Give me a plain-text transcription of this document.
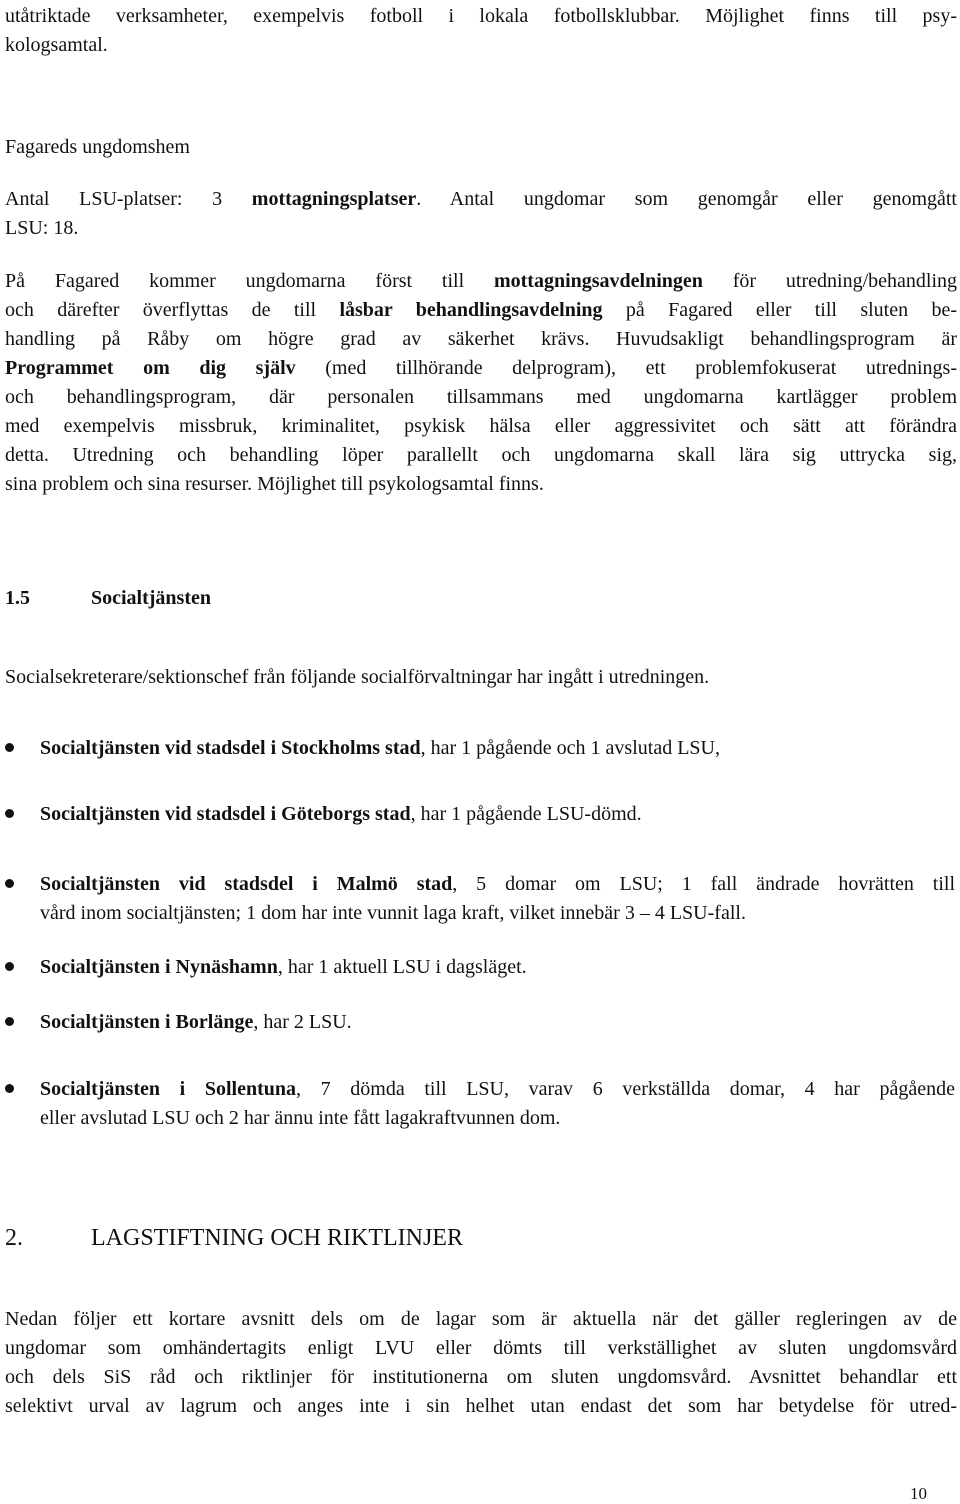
utåtriktade verksamheter, exempelvis fotboll i lokala fotbollsklubbar. Möjlighet finns till psy-
kologsamtal.
Fagareds ungdomshem
Antal LSU-platser: 3 mottagningsplatser. Antal ungdomar som genomgår eller genomgått
LSU: 18.
På Fagared kommer ungdomarna först till mottagningsavdelningen för utredning/behandling
och därefter överflyttas de till låsbar behandlingsavdelning på Fagared eller till sluten be-
handling på Råby om högre grad av säkerhet krävs. Huvudsakligt behandlingsprogram är
Programmet om dig själv (med tillhörande delprogram), ett problemfokuserat utrednings-
och behandlingsprogram, där personalen tillsammans med ungdomarna kartlägger problem
med exempelvis missbruk, kriminalitet, psykisk hälsa eller aggressivitet och sätt att förändra
detta. Utredning och behandling löper parallellt och ungdomarna skall lära sig uttrycka sig,
sina problem och sina resurser. Möjlighet till psykologsamtal finns.
1.5	Socialtjänsten
Socialsekreterare/sektionschef från följande socialförvaltningar har ingått i utredningen.
Socialtjänsten vid stadsdel i Stockholms stad, har 1 pågående och 1 avslutad LSU,
Socialtjänsten vid stadsdel i Göteborgs stad, har 1 pågående LSU-dömd.
Socialtjänsten vid stadsdel i Malmö stad, 5 domar om LSU; 1 fall ändrade hovrätten till
vård inom socialtjänsten; 1 dom har inte vunnit laga kraft, vilket innebär 3 – 4 LSU-fall.
Socialtjänsten i Nynäshamn, har 1 aktuell LSU i dagsläget.
Socialtjänsten i Borlänge, har 2 LSU.
Socialtjänsten i Sollentuna, 7 dömda till LSU, varav 6 verkställda domar, 4 har pågående
eller avslutad LSU och 2 har ännu inte fått lagakraftvunnen dom.
2.	LAGSTIFTNING OCH RIKTLINJER
Nedan följer ett kortare avsnitt dels om de lagar som är aktuella när det gäller regleringen av de
ungdomar som omhändertagits enligt LVU eller dömts till verkställighet av sluten ungdomsvård
och dels SiS råd och riktlinjer för institutionerna om sluten ungdomsvård. Avsnittet behandlar ett
selektivt urval av lagrum och anges inte i sin helhet utan endast det som har betydelse för utred-
10
